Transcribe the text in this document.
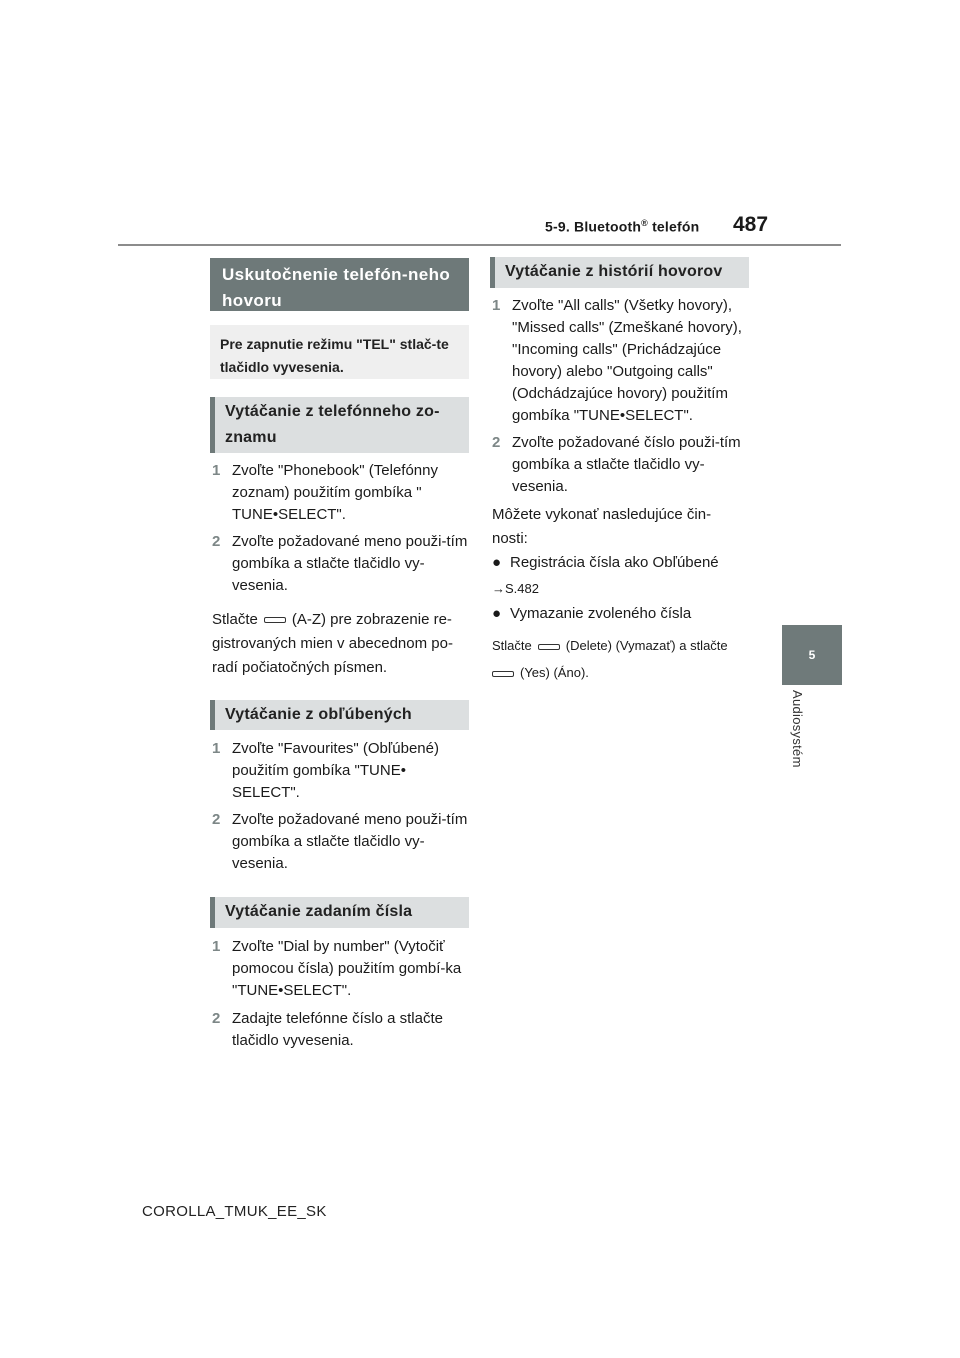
5-9. Bluetooth® telefón 487
5
Audiosystém
Uskutočnenie telefón-neho hovoru
Pre zapnutie režimu "TEL" stlač-te tlačidlo vyvesenia.
Vytáčanie z telefónneho zo-znamu
1 Zvoľte "Phonebook" (Telefónny zoznam) použitím gombíka " TUNE•SELECT".
2 Zvoľte požadované meno použi-tím gombíka a stlačte tlačidlo vy-vesenia.
Stlačte (A-Z) pre zobrazenie re-gistrovaných mien v abecednom po-radí počiatočných písmen.
Vytáčanie z obľúbených
1 Zvoľte "Favourites" (Obľúbené) použitím gombíka "TUNE• SELECT".
2 Zvoľte požadované meno použi-tím gombíka a stlačte tlačidlo vy-vesenia.
Vytáčanie zadaním čísla
1 Zvoľte "Dial by number" (Vytočiť pomocou čísla) použitím gombí-ka "TUNE•SELECT".
2 Zadajte telefónne číslo a stlačte tlačidlo vyvesenia.
Vytáčanie z histórií hovorov
1 Zvoľte "All calls" (Všetky hovory), "Missed calls" (Zmeškané hovory), "Incoming calls" (Prichádzajúce hovory) alebo "Outgoing calls" (Odchádzajúce hovory) použitím gombíka "TUNE•SELECT".
2 Zvoľte požadované číslo použi-tím gombíka a stlačte tlačidlo vy-vesenia.
Môžete vykonať nasledujúce čin-nosti:
● Registrácia čísla ako Obľúbené
→S.482
● Vymazanie zvoleného čísla
Stlačte	(Delete) (Vymazať) a stlačte
(Yes) (Áno).
COROLLA_TMUK_EE_SK
